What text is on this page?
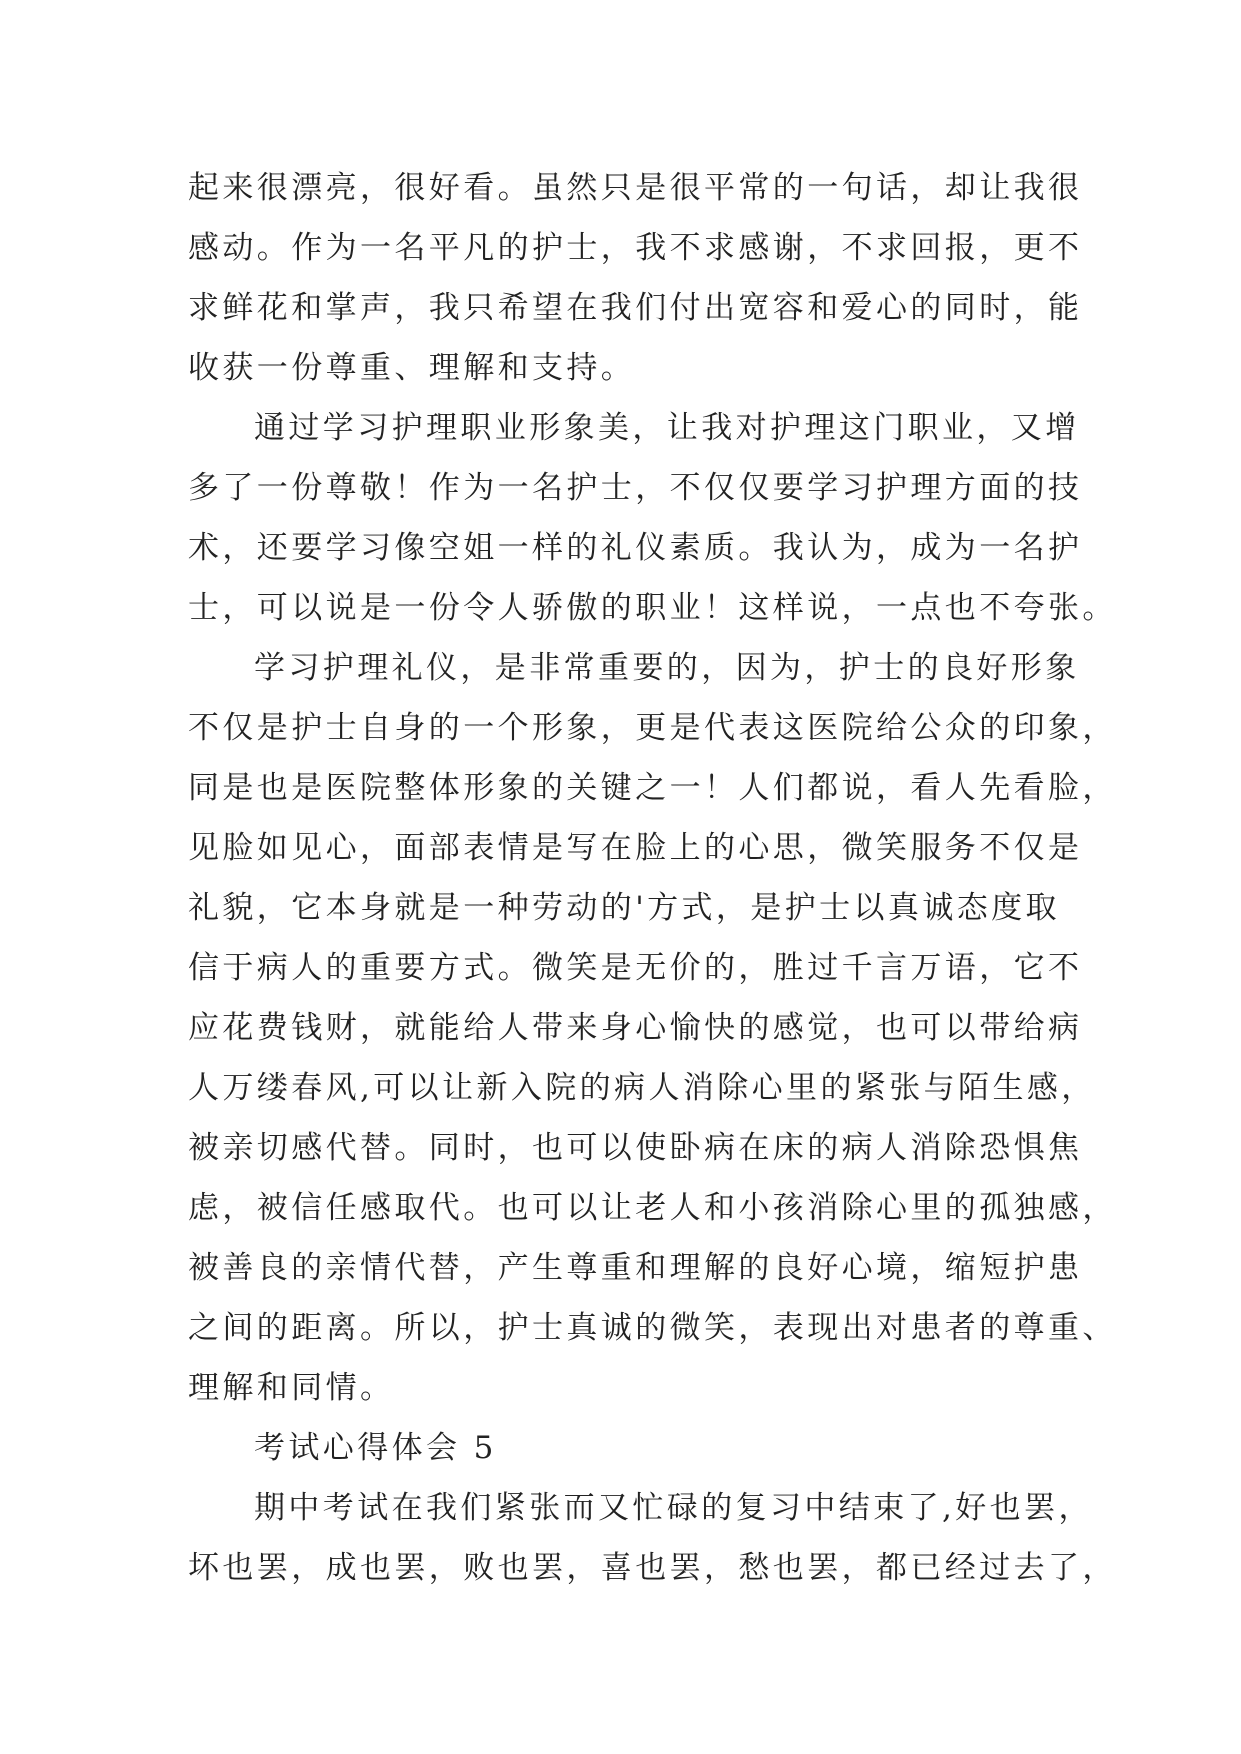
起来很漂亮，很好看。虽然只是很平常的一句话，却让我很
感动。作为一名平凡的护士，我不求感谢，不求回报，更不
求鲜花和掌声，我只希望在我们付出宽容和爱心的同时，能
收获一份尊重、理解和支持。
通过学习护理职业形象美，让我对护理这门职业，又增
多了一份尊敬！作为一名护士，不仅仅要学习护理方面的技
术，还要学习像空姐一样的礼仪素质。我认为，成为一名护
士，可以说是一份令人骄傲的职业！这样说，一点也不夸张。
学习护理礼仪，是非常重要的，因为，护士的良好形象
不仅是护士自身的一个形象，更是代表这医院给公众的印象，
同是也是医院整体形象的关键之一！人们都说，看人先看脸，
见脸如见心，面部表情是写在脸上的心思，微笑服务不仅是
礼貌，它本身就是一种劳动的'方式，是护士以真诚态度取
信于病人的重要方式。微笑是无价的，胜过千言万语，它不
应花费钱财，就能给人带来身心愉快的感觉，也可以带给病
人万缕春风,可以让新入院的病人消除心里的紧张与陌生感，
被亲切感代替。同时，也可以使卧病在床的病人消除恐惧焦
虑，被信任感取代。也可以让老人和小孩消除心里的孤独感，
被善良的亲情代替，产生尊重和理解的良好心境，缩短护患
之间的距离。所以，护士真诚的微笑，表现出对患者的尊重、
理解和同情。
考试心得体会 5
期中考试在我们紧张而又忙碌的复习中结束了,好也罢，
坏也罢，成也罢，败也罢，喜也罢，愁也罢，都已经过去了，
